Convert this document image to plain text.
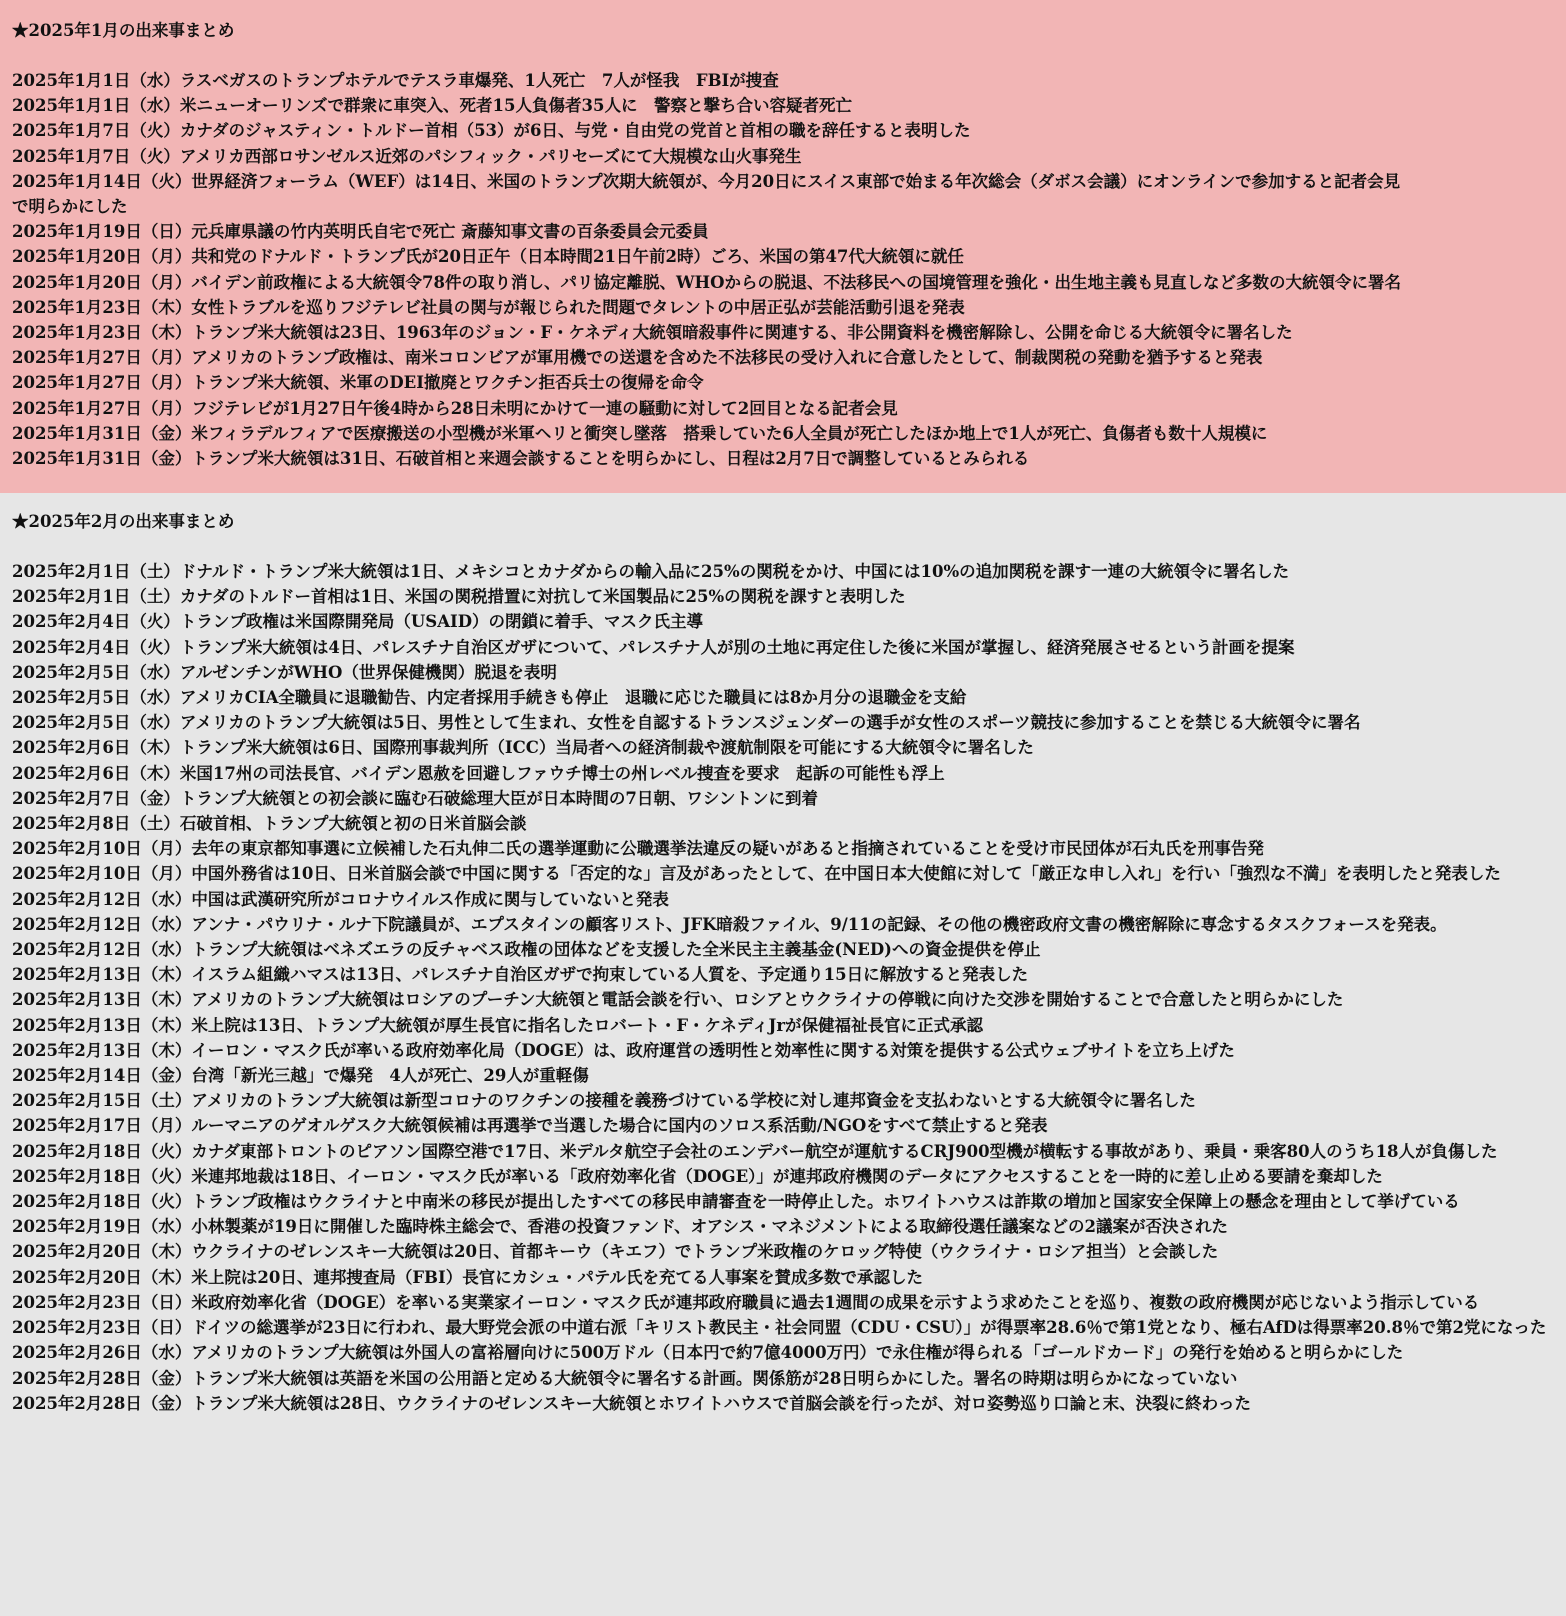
★2025年1月の出来事まとめ
2025年1月1日（水）ラスベガスのトランプホテルでテスラ車爆発、1人死亡　7人が怪我　FBIが捜査
2025年1月1日（水）米ニューオーリンズで群衆に車突入、死者15人負傷者35人に　警察と撃ち合い容疑者死亡
2025年1月7日（火）カナダのジャスティン・トルドー首相（53）が6日、与党・自由党の党首と首相の職を辞任すると表明した
2025年1月7日（火）アメリカ西部ロサンゼルス近郊のパシフィック・パリセーズにて大規模な山火事発生
2025年1月14日（火）世界経済フォーラム（WEF）は14日、米国のトランプ次期大統領が、今月20日にスイス東部で始まる年次総会（ダボス会議）にオンラインで参加すると記者会見で明らかにした
2025年1月19日（日）元兵庫県議の竹内英明氏自宅で死亡 斎藤知事文書の百条委員会元委員
2025年1月20日（月）共和党のドナルド・トランプ氏が20日正午（日本時間21日午前2時）ごろ、米国の第47代大統領に就任
2025年1月20日（月）バイデン前政権による大統領令78件の取り消し、パリ協定離脱、WHOからの脱退、不法移民への国境管理を強化・出生地主義も見直しなど多数の大統領令に署名
2025年1月23日（木）女性トラブルを巡りフジテレビ社員の関与が報じられた問題でタレントの中居正弘が芸能活動引退を発表
2025年1月23日（木）トランプ米大統領は23日、1963年のジョン・F・ケネディ大統領暗殺事件に関連する、非公開資料を機密解除し、公開を命じる大統領令に署名した
2025年1月27日（月）アメリカのトランプ政権は、南米コロンビアが軍用機での送還を含めた不法移民の受け入れに合意したとして、制裁関税の発動を猶予すると発表
2025年1月27日（月）トランプ米大統領、米軍のDEI撤廃とワクチン拒否兵士の復帰を命令
2025年1月27日（月）フジテレビが1月27日午後4時から28日未明にかけて一連の騒動に対して2回目となる記者会見
2025年1月31日（金）米フィラデルフィアで医療搬送の小型機が米軍ヘリと衝突し墜落　搭乗していた6人全員が死亡したほか地上で1人が死亡、負傷者も数十人規模に
2025年1月31日（金）トランプ米大統領は31日、石破首相と来週会談することを明らかにし、日程は2月7日で調整しているとみられる
★2025年2月の出来事まとめ
2025年2月1日（土）ドナルド・トランプ米大統領は1日、メキシコとカナダからの輸入品に25%の関税をかけ、中国には10%の追加関税を課す一連の大統領令に署名した
2025年2月1日（土）カナダのトルドー首相は1日、米国の関税措置に対抗して米国製品に25%の関税を課すと表明した
2025年2月4日（火）トランプ政権は米国際開発局（USAID）の閉鎖に着手、マスク氏主導
2025年2月4日（火）トランプ米大統領は4日、パレスチナ自治区ガザについて、パレスチナ人が別の土地に再定住した後に米国が掌握し、経済発展させるという計画を提案
2025年2月5日（水）アルゼンチンがWHO（世界保健機関）脱退を表明
2025年2月5日（水）アメリカCIA全職員に退職勧告、内定者採用手続きも停止　退職に応じた職員には8か月分の退職金を支給
2025年2月5日（水）アメリカのトランプ大統領は5日、男性として生まれ、女性を自認するトランスジェンダーの選手が女性のスポーツ競技に参加することを禁じる大統領令に署名
2025年2月6日（木）トランプ米大統領は6日、国際刑事裁判所（ICC）当局者への経済制裁や渡航制限を可能にする大統領令に署名した
2025年2月6日（木）米国17州の司法長官、バイデン恩赦を回避しファウチ博士の州レベル捜査を要求　起訴の可能性も浮上
2025年2月7日（金）トランプ大統領との初会談に臨む石破総理大臣が日本時間の7日朝、ワシントンに到着
2025年2月8日（土）石破首相、トランプ大統領と初の日米首脳会談
2025年2月10日（月）去年の東京都知事選に立候補した石丸伸二氏の選挙運動に公職選挙法違反の疑いがあると指摘されていることを受け市民団体が石丸氏を刑事告発
2025年2月10日（月）中国外務省は10日、日米首脳会談で中国に関する「否定的な」言及があったとして、在中国日本大使館に対して「厳正な申し入れ」を行い「強烈な不満」を表明したと発表した
2025年2月12日（水）中国は武漢研究所がコロナウイルス作成に関与していないと発表
2025年2月12日（水）アンナ・パウリナ・ルナ下院議員が、エプスタインの顧客リスト、JFK暗殺ファイル、9/11の記録、その他の機密政府文書の機密解除に専念するタスクフォースを発表。
2025年2月12日（水）トランプ大統領はベネズエラの反チャベス政権の団体などを支援した全米民主主義基金(NED)への資金提供を停止
2025年2月13日（木）イスラム組織ハマスは13日、パレスチナ自治区ガザで拘束している人質を、予定通り15日に解放すると発表した
2025年2月13日（木）アメリカのトランプ大統領はロシアのプーチン大統領と電話会談を行い、ロシアとウクライナの停戦に向けた交渉を開始することで合意したと明らかにした
2025年2月13日（木）米上院は13日、トランプ大統領が厚生長官に指名したロバート・F・ケネディJrが保健福祉長官に正式承認
2025年2月13日（木）イーロン・マスク氏が率いる政府効率化局（DOGE）は、政府運営の透明性と効率性に関する対策を提供する公式ウェブサイトを立ち上げた
2025年2月14日（金）台湾「新光三越」で爆発　4人が死亡、29人が重軽傷
2025年2月15日（土）アメリカのトランプ大統領は新型コロナのワクチンの接種を義務づけている学校に対し連邦資金を支払わないとする大統領令に署名した
2025年2月17日（月）ルーマニアのゲオルゲスク大統領候補は再選挙で当選した場合に国内のソロス系活動/NGOをすべて禁止すると発表
2025年2月18日（火）カナダ東部トロントのピアソン国際空港で17日、米デルタ航空子会社のエンデバー航空が運航するCRJ900型機が横転する事故があり、乗員・乗客80人のうち18人が負傷した
2025年2月18日（火）米連邦地裁は18日、イーロン・マスク氏が率いる「政府効率化省（DOGE）」が連邦政府機関のデータにアクセスすることを一時的に差し止める要請を棄却した
2025年2月18日（火）トランプ政権はウクライナと中南米の移民が提出したすべての移民申請審査を一時停止した。ホワイトハウスは詐欺の増加と国家安全保障上の懸念を理由として挙げている
2025年2月19日（水）小林製薬が19日に開催した臨時株主総会で、香港の投資ファンド、オアシス・マネジメントによる取締役選任議案などの2議案が否決された
2025年2月20日（木）ウクライナのゼレンスキー大統領は20日、首都キーウ（キエフ）でトランプ米政権のケロッグ特使（ウクライナ・ロシア担当）と会談した
2025年2月20日（木）米上院は20日、連邦捜査局（FBI）長官にカシュ・パテル氏を充てる人事案を賛成多数で承認した
2025年2月23日（日）米政府効率化省（DOGE）を率いる実業家イーロン・マスク氏が連邦政府職員に過去1週間の成果を示すよう求めたことを巡り、複数の政府機関が応じないよう指示している
2025年2月23日（日）ドイツの総選挙が23日に行われ、最大野党会派の中道右派「キリスト教民主・社会同盟（CDU・CSU）」が得票率28.6％で第1党となり、極右AfDは得票率20.8％で第2党になった
2025年2月26日（水）アメリカのトランプ大統領は外国人の富裕層向けに500万ドル（日本円で約7億4000万円）で永住権が得られる「ゴールドカード」の発行を始めると明らかにした
2025年2月28日（金）トランプ米大統領は英語を米国の公用語と定める大統領令に署名する計画。関係筋が28日明らかにした。署名の時期は明らかになっていない
2025年2月28日（金）トランプ米大統領は28日、ウクライナのゼレンスキー大統領とホワイトハウスで首脳会談を行ったが、対ロ姿勢巡り口論と末、決裂に終わった
